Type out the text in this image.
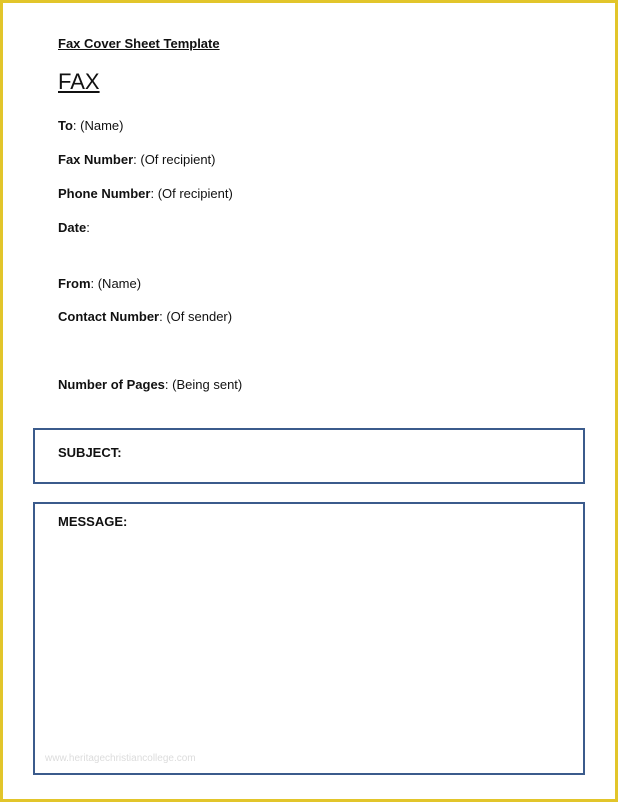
Fax Cover Sheet Template
FAX
To: (Name)
Fax Number: (Of recipient)
Phone Number: (Of recipient)
Date:
From: (Name)
Contact Number: (Of sender)
Number of Pages: (Being sent)
SUBJECT:
MESSAGE:
www.heritagechristiancollege.com
